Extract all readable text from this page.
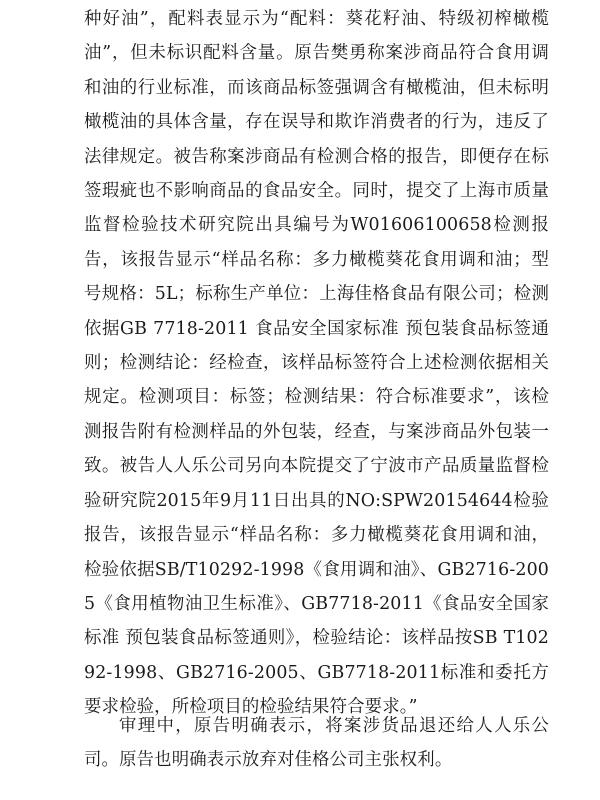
种好油”，配料表显示为“配料：葵花籽油、特级初榨橄榄油”，但未标识配料含量。原告樊勇称案涉商品符合食用调和油的行业标准，而该商品标签强调含有橄榄油，但未标明橄榄油的具体含量，存在误导和欺诈消费者的行为，违反了法律规定。被告称案涉商品有检测合格的报告，即便存在标签瑕疵也不影响商品的食品安全。同时，提交了上海市质量监督检验技术研究院出具编号为W01606100658检测报告，该报告显示“样品名称：多力橄榄葵花食用调和油；型号规格：5L；标称生产单位：上海佳格食品有限公司；检测依据GB 7718-2011 食品安全国家标准 预包装食品标签通则；检测结论：经检查，该样品标签符合上述检测依据相关规定。检测项目：标签；检测结果：符合标准要求”，该检测报告附有检测样品的外包装，经查，与案涉商品外包装一致。被告人人乐公司另向本院提交了宁波市产品质量监督检验研究院2015年9月11日出具的NO:SPW20154644检验报告，该报告显示“样品名称：多力橄榄葵花食用调和油，检验依据SB/T10292-1998《食用调和油》、GB2716-2005《食用植物油卫生标准》、GB7718-2011《食品安全国家标准 预包装食品标签通则》，检验结论：该样品按SB T10292-1998、GB2716-2005、GB7718-2011标准和委托方要求检验，所检项目的检验结果符合要求。”

审理中，原告明确表示，将案涉货品退还给人人乐公司。原告也明确表示放弃对佳格公司主张权利。
